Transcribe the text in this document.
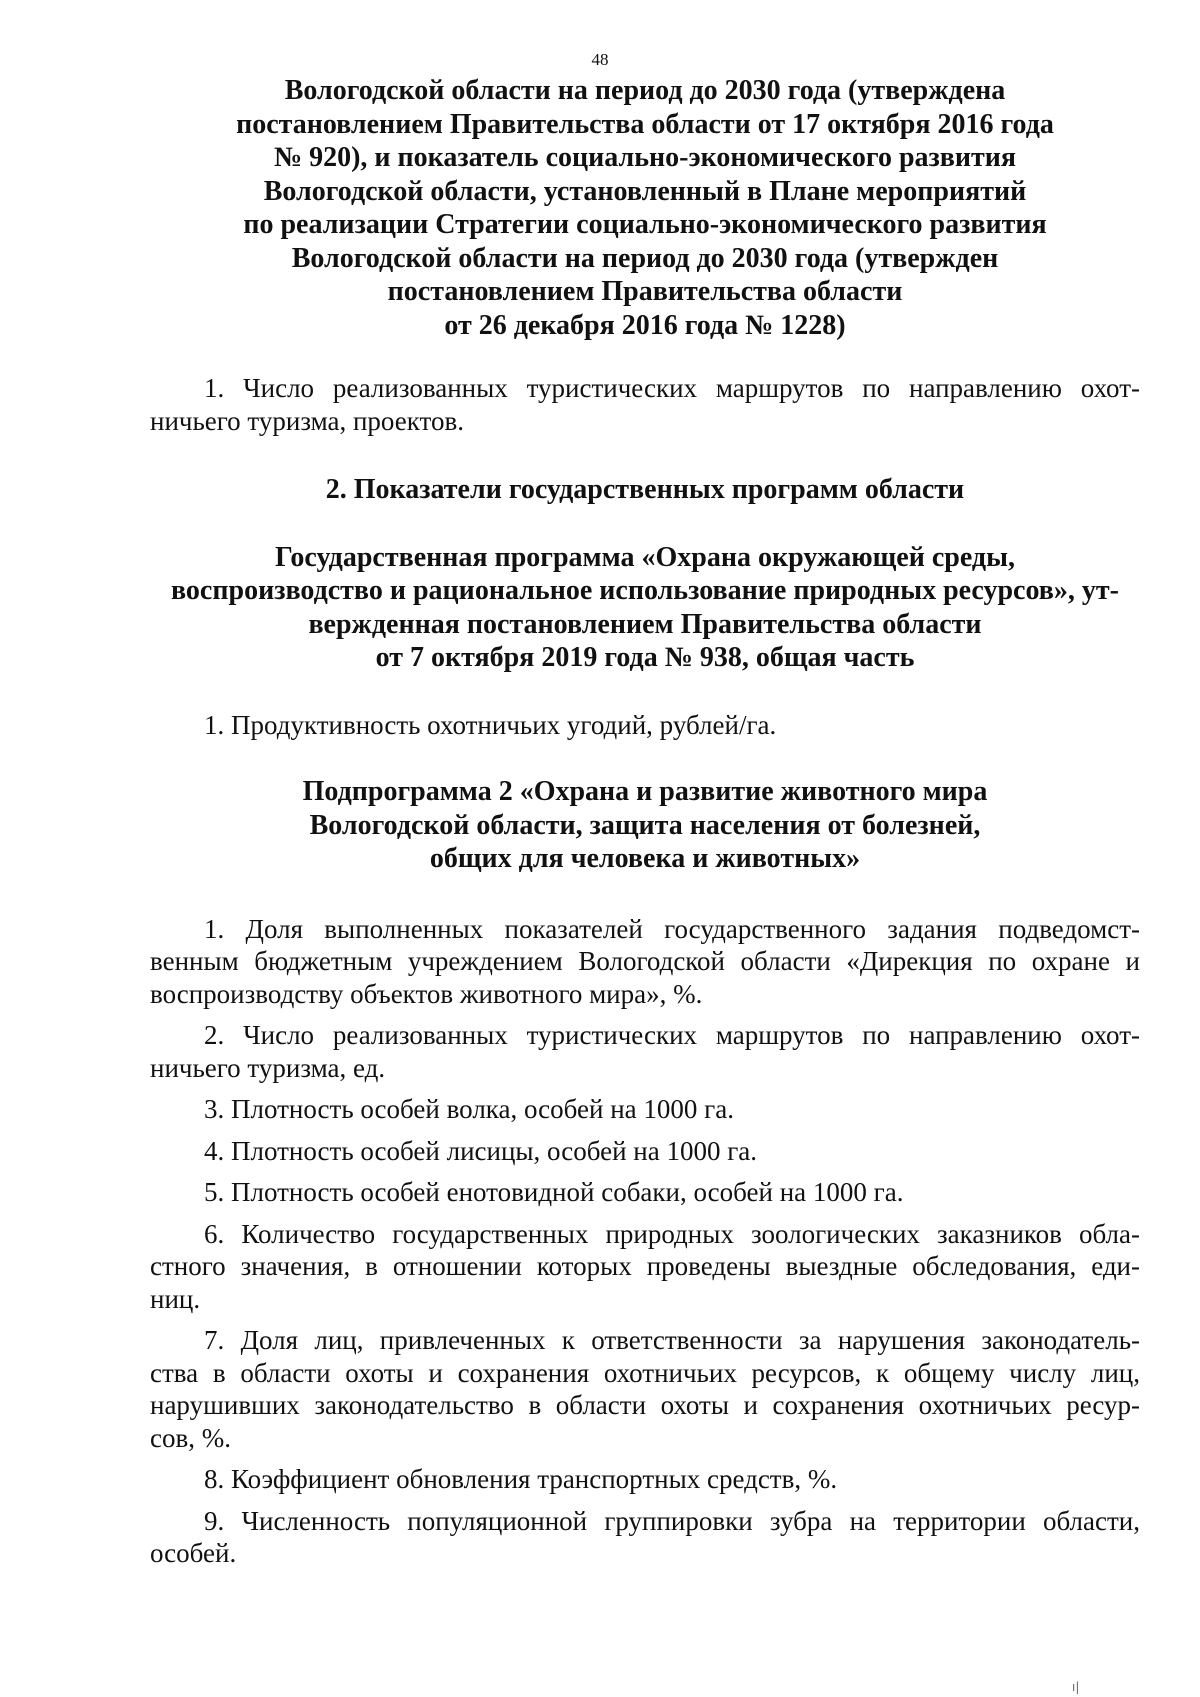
48
Вологодской области на период до 2030 года (утверждена
постановлением Правительства области от 17 октября 2016 года
№ 920), и показатель социально-экономического развития
Вологодской области, установленный в Плане мероприятий
по реализации Стратегии социально-экономического развития
Вологодской области на период до 2030 года (утвержден
постановлением Правительства области
от 26 декабря 2016 года № 1228)
1. Число реализованных туристических маршрутов по направлению охот-
ничьего туризма, проектов.
2. Показатели государственных программ области
Государственная программа «Охрана окружающей среды,
воспроизводство и рациональное использование природных ресурсов», ут-
вержденная постановлением Правительства области
от 7 октября 2019 года № 938, общая часть
1. Продуктивность охотничьих угодий, рублей/га.
Подпрограмма 2 «Охрана и развитие животного мира
Вологодской области, защита населения от болезней,
общих для человека и животных»
1. Доля выполненных показателей государственного задания подведомст-
венным бюджетным учреждением Вологодской области «Дирекция по охране и
воспроизводству объектов животного мира», %.
2. Число реализованных туристических маршрутов по направлению охот-
ничьего туризма, ед.
3. Плотность особей волка, особей на 1000 га.
4. Плотность особей лисицы, особей на 1000 га.
5. Плотность особей енотовидной собаки, особей на 1000 га.
6. Количество государственных природных зоологических заказников обла-
стного значения, в отношении которых проведены выездные обследования, еди-
ниц.
7. Доля лиц, привлеченных к ответственности за нарушения законодатель-
ства в области охоты и сохранения охотничьих ресурсов, к общему числу лиц,
нарушивших законодательство в области охоты и сохранения охотничьих ресур-
сов, %.
8. Коэффициент обновления транспортных средств, %.
9. Численность популяционной группировки зубра на территории области,
особей.
ı|
